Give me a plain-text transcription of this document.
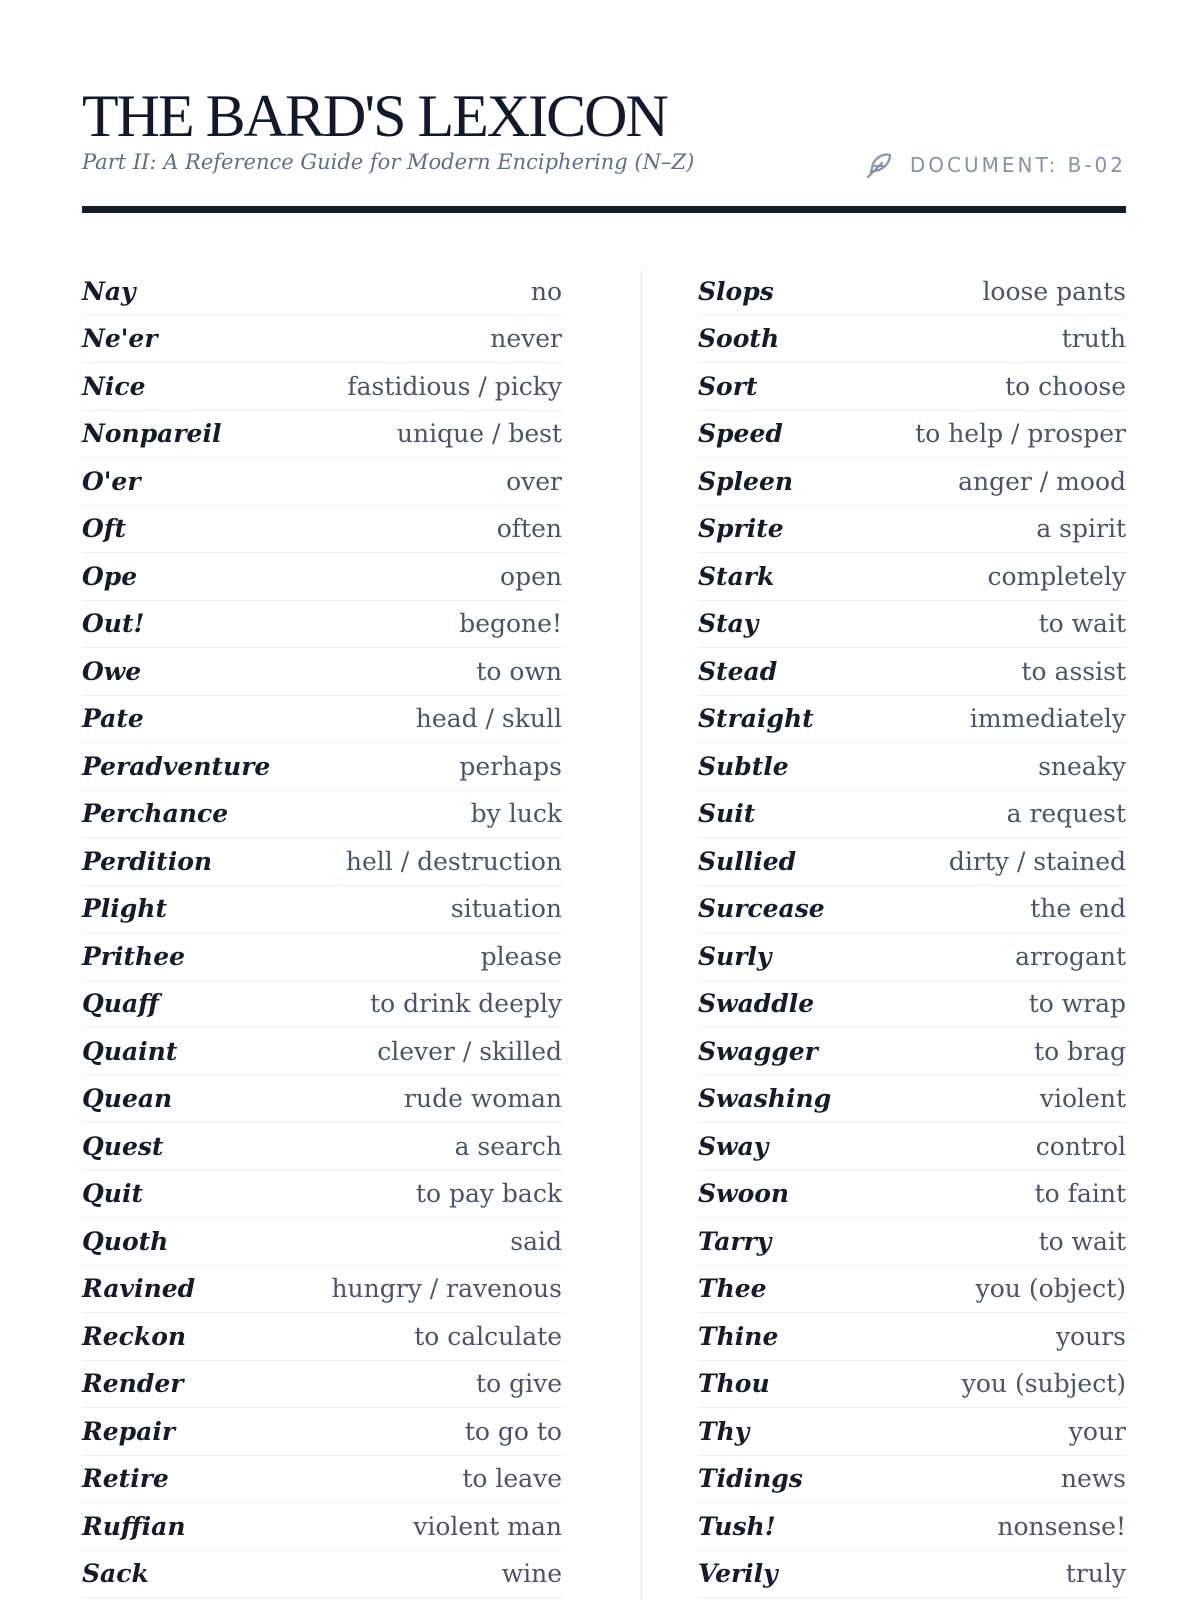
THE BARD'S LEXICON
Part II: A Reference Guide for Modern Enciphering (N–Z)	DOCUMENT: B-02
Nay	no
Ne'er	never
Nice	fastidious / picky
Nonpareil	unique / best
O'er	over
Oft	often
Ope	open
Out!	begone!
Owe	to own
Pate	head / skull
Peradventure	perhaps
Perchance	by luck
Perdition	hell / destruction
Plight	situation
Prithee	please
Quaff	to drink deeply
Quaint	clever / skilled
Quean	rude woman
Quest	a search
Quit	to pay back
Quoth	said
Ravined	hungry / ravenous
Reckon	to calculate
Render	to give
Repair	to go to
Retire	to leave
Ruffian	violent man
Sack	wine
Slops	loose pants
Sooth	truth
Sort	to choose
Speed	to help / prosper
Spleen	anger / mood
Sprite	a spirit
Stark	completely
Stay	to wait
Stead	to assist
Straight	immediately
Subtle	sneaky
Suit	a request
Sullied	dirty / stained
Surcease	the end
Surly	arrogant
Swaddle	to wrap
Swagger	to brag
Swashing	violent
Sway	control
Swoon	to faint
Tarry	to wait
Thee	you (object)
Thine	yours
Thou	you (subject)
Thy	your
Tidings	news
Tush!	nonsense!
Verily	truly
